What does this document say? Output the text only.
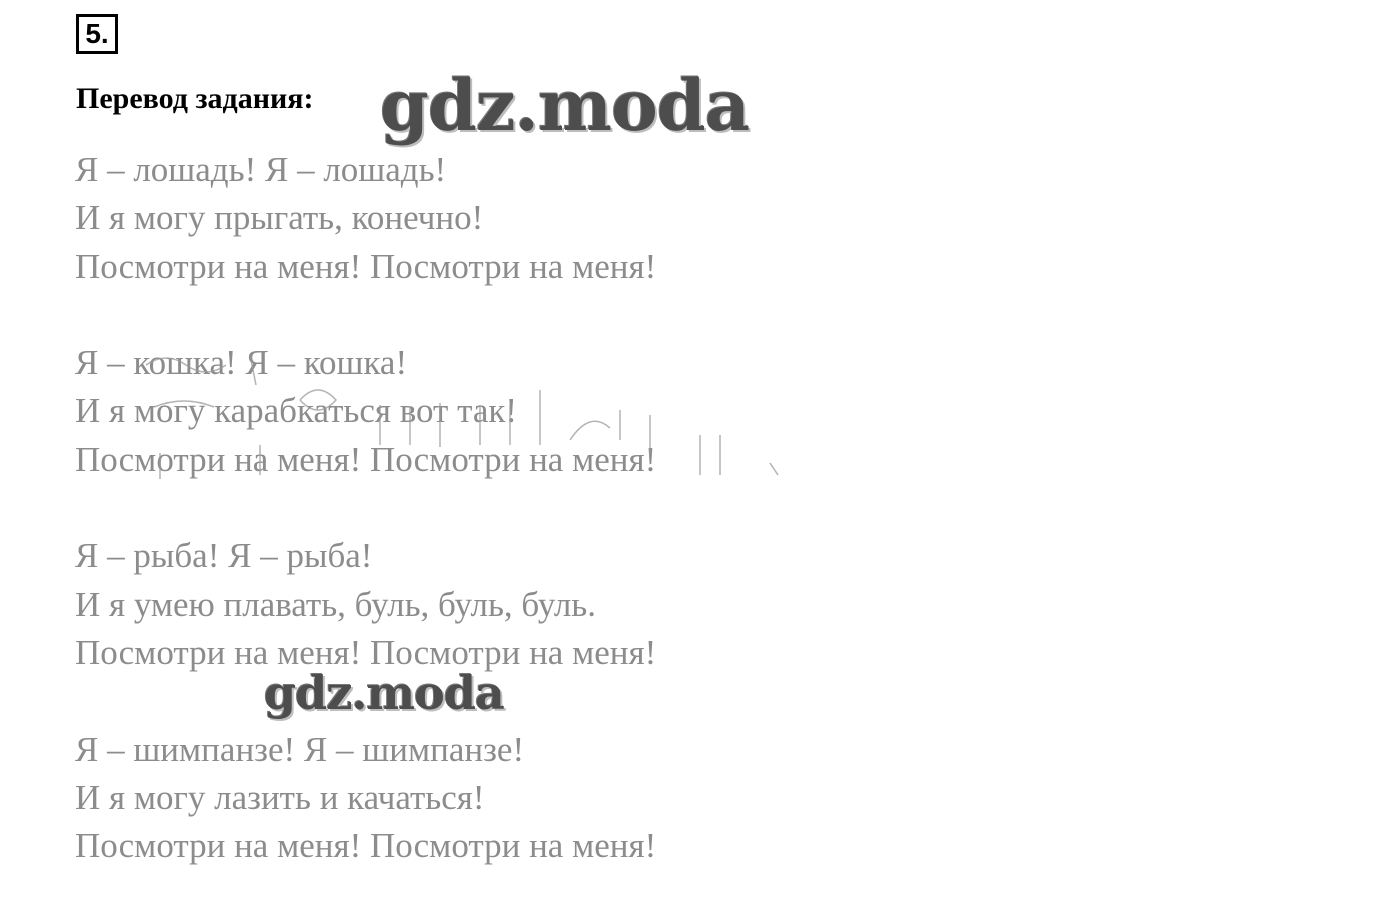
5.
Перевод задания: gdz.moda
Я – лошадь! Я – лошадь!
И я могу прыгать, конечно!
Посмотри на меня! Посмотри на меня!
Я – кошка! Я – кошка!
И я могу карабкаться вот так!
Посмотри на меня! Посмотри на меня!
Я – рыба! Я – рыба!
И я умею плавать, буль, буль, буль.
Посмотри на меня! Посмотри на меня!
Я – шимпанзе! Я – шимпанзе!
И я могу лазить и качаться!
Посмотри на меня! Посмотри на меня!
gdz.moda
